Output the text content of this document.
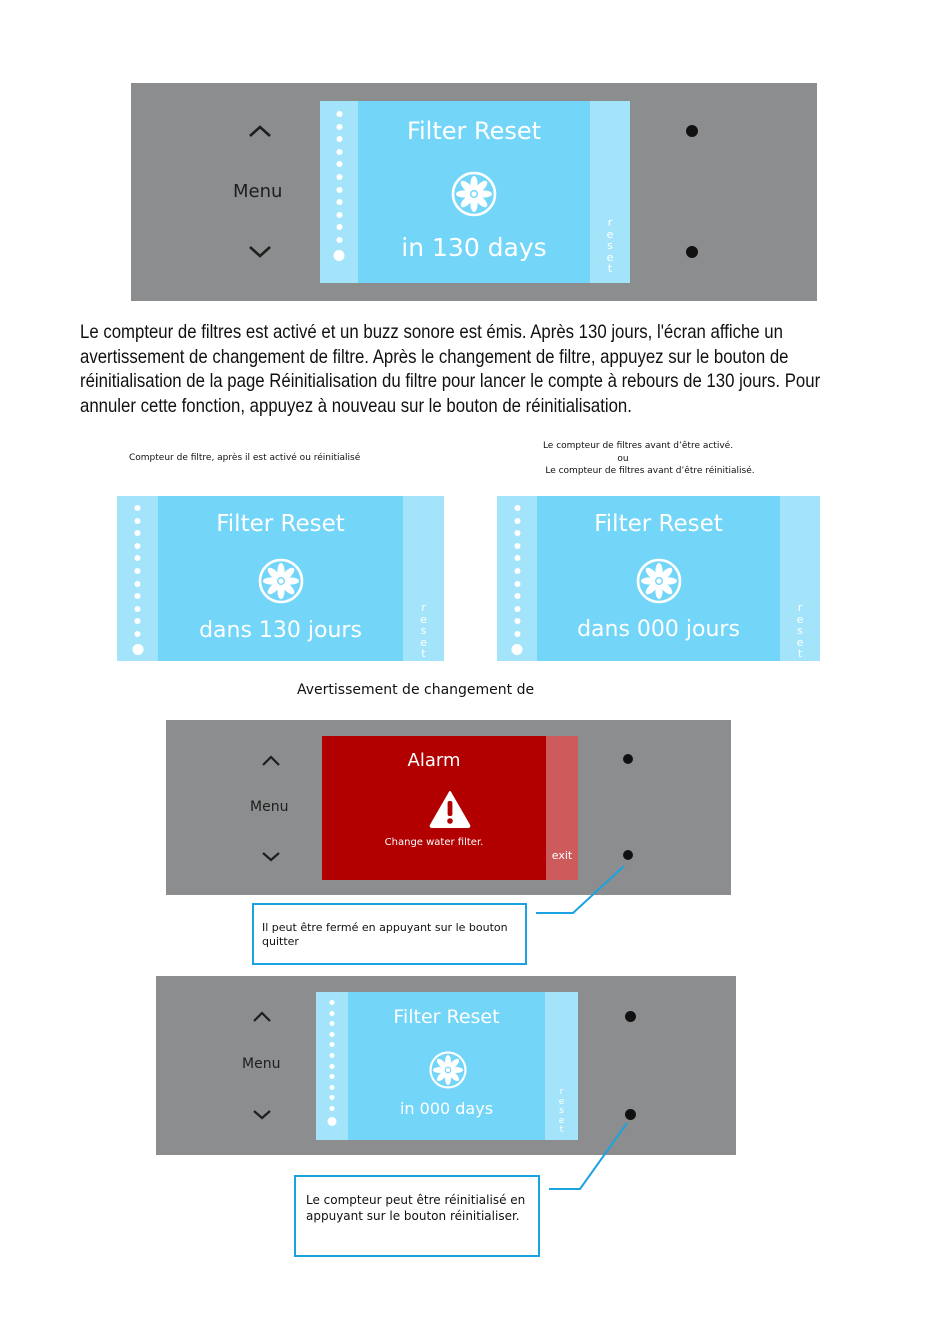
Menu
r
e
s
e
t
Filter Reset
in 130 days
Le compteur de filtres est activé et un buzz sonore est émis. Après 130 jours, l'écran affiche un avertissement de changement de filtre. Après le changement de filtre, appuyez sur le bouton de réinitialisation de la page Réinitialisation du filtre pour lancer le compte à rebours de 130 jours. Pour annuler cette fonction, appuyez à nouveau sur le bouton de réinitialisation.
Compteur de filtre, après il est activé ou réinitialisé
Le compteur de filtres avant d’être activé.
ou
Le compteur de filtres avant d’être réinitialisé.
r
e
s
e
t
Filter Reset
dans 130 jours
r
e
s
e
t
Filter Reset
dans 000 jours
Avertissement de changement de
Menu
exit
Alarm
Change water filter.
Il peut être fermé en appuyant sur le bouton quitter
Menu
r
e
s
e
t
Filter Reset
in 000 days
Le compteur peut être réinitialisé en appuyant sur le bouton réinitialiser.
